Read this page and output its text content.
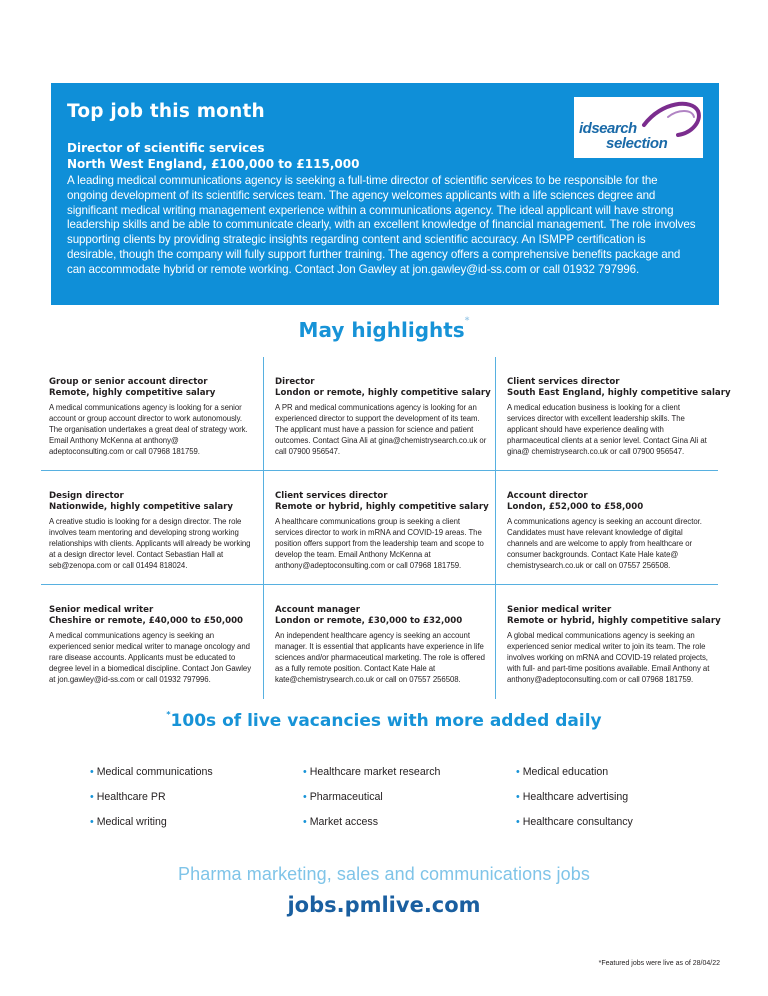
Top job this month
Director of scientific services
North West England, £100,000 to £115,000
A leading medical communications agency is seeking a full-time director of scientific services to be responsible for the ongoing development of its scientific services team. The agency welcomes applicants with a life sciences degree and significant medical writing management experience within a communications agency. The ideal applicant will have strong leadership skills and be able to communicate clearly, with an excellent knowledge of financial management. The role involves supporting clients by providing strategic insights regarding content and scientific accuracy. An ISMPP certification is desirable, though the company will fully support further training. The agency offers a comprehensive benefits package and can accommodate hybrid or remote working. Contact Jon Gawley at jon.gawley@id-ss.com or call 01932 797996.
idsearch
selection
&
May highlights*
Group or senior account director
Remote, highly competitive salary
A medical communications agency is looking for a senior account or group account director to work autonomously. The organisation undertakes a great deal of strategy work. Email Anthony McKenna at anthony@ adeptoconsulting.com or call 07968 181759.
Director
London or remote, highly competitive salary
A PR and medical communications agency is looking for an experienced director to support the development of its team. The applicant must have a passion for science and patient outcomes. Contact Gina Ali at gina@chemistrysearch.co.uk or call 07900 956547.
Client services director
South East England, highly competitive salary
A medical education business is looking for a client services director with excellent leadership skills. The applicant should have experience dealing with pharmaceutical clients at a senior level. Contact Gina Ali at gina@ chemistrysearch.co.uk or call 07900 956547.
Design director
Nationwide, highly competitive salary
A creative studio is looking for a design director. The role involves team mentoring and developing strong working relationships with clients. Applicants will already be working at a design director level. Contact Sebastian Hall at seb@zenopa.com or call 01494 818024.
Client services director
Remote or hybrid, highly competitive salary
A healthcare communications group is seeking a client services director to work in mRNA and COVID-19 areas. The position offers support from the leadership team and scope to develop the team. Email Anthony McKenna at anthony@adeptoconsulting.com or call 07968 181759.
Account director
London, £52,000 to £58,000
A communications agency is seeking an account director. Candidates must have relevant knowledge of digital channels and are welcome to apply from healthcare or consumer backgrounds. Contact Kate Hale kate@ chemistrysearch.co.uk or call on 07557 256508.
Senior medical writer
Cheshire or remote, £40,000 to £50,000
A medical communications agency is seeking an experienced senior medical writer to manage oncology and rare disease accounts. Applicants must be educated to degree level in a biomedical discipline. Contact Jon Gawley at jon.gawley@id-ss.com or call 01932 797996.
Account manager
London or remote, £30,000 to £32,000
An independent healthcare agency is seeking an account manager. It is essential that applicants have experience in life sciences and/or pharmaceutical marketing. The role is offered as a fully remote position. Contact Kate Hale at kate@chemistrysearch.co.uk or call on 07557 256508.
Senior medical writer
Remote or hybrid, highly competitive salary
A global medical communications agency is seeking an experienced senior medical writer to join its team. The role involves working on mRNA and COVID-19 related projects, with full- and part-time positions available. Email Anthony at anthony@adeptoconsulting.com or call 07968 181759.
*100s of live vacancies with more added daily
• Medical communications
• Healthcare PR
• Medical writing
• Healthcare market research
• Pharmaceutical
• Market access
• Medical education
• Healthcare advertising
• Healthcare consultancy
Pharma marketing, sales and communications jobs
jobs.pmlive.com
*Featured jobs were live as of 28/04/22
